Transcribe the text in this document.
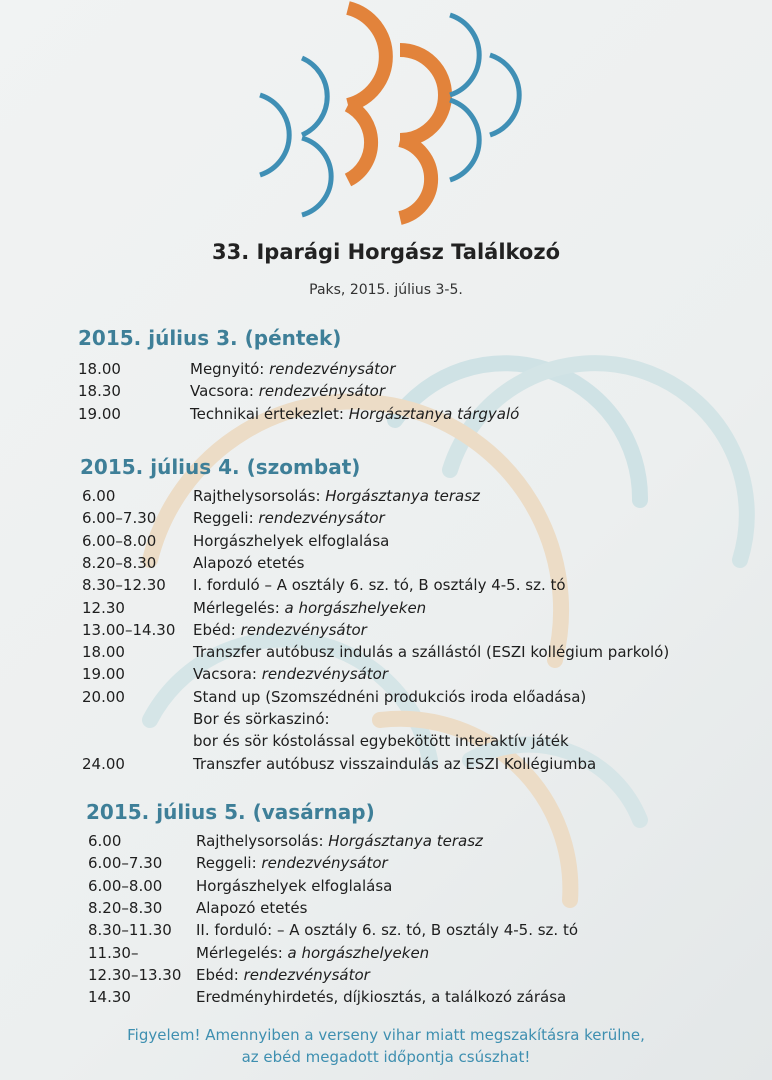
33. Iparági Horgász Találkozó
Paks, 2015. július 3-5.
2015. július 3. (péntek)
18.00	Megnyitó: rendezvénysátor
18.30	Vacsora: rendezvénysátor
19.00	Technikai értekezlet: Horgásztanya tárgyaló
2015. július 4. (szombat)
6.00	Rajthelysorsolás: Horgásztanya terasz
6.00–7.30 Reggeli: rendezvénysátor
6.00–8.00 Horgászhelyek elfoglalása
8.20–8.30 Alapozó etetés
8.30–12.30 I. forduló – A osztály 6. sz. tó, B osztály 4-5. sz. tó
12.30	Mérlegelés: a horgászhelyeken
13.00–14.30 Ebéd: rendezvénysátor
18.00	Transzfer autóbusz indulás a szállástól (ESZI kollégium parkoló)
19.00	Vacsora: rendezvénysátor
20.00	Stand up (Szomszédnéni produkciós iroda előadása)
Bor és sörkaszinó:
bor és sör kóstolással egybekötött interaktív játék
24.00	Transzfer autóbusz visszaindulás az ESZI Kollégiumba
2015. július 5. (vasárnap)
6.00	Rajthelysorsolás: Horgásztanya terasz
6.00–7.30 Reggeli: rendezvénysátor
6.00–8.00 Horgászhelyek elfoglalása
8.20–8.30 Alapozó etetés
8.30–11.30 II. forduló: – A osztály 6. sz. tó, B osztály 4-5. sz. tó
11.30–	Mérlegelés: a horgászhelyeken
12.30–13.30 Ebéd: rendezvénysátor
14.30	Eredményhirdetés, díjkiosztás, a találkozó zárása
Figyelem! Amennyiben a verseny vihar miatt megszakításra kerülne,
az ebéd megadott időpontja csúszhat!
